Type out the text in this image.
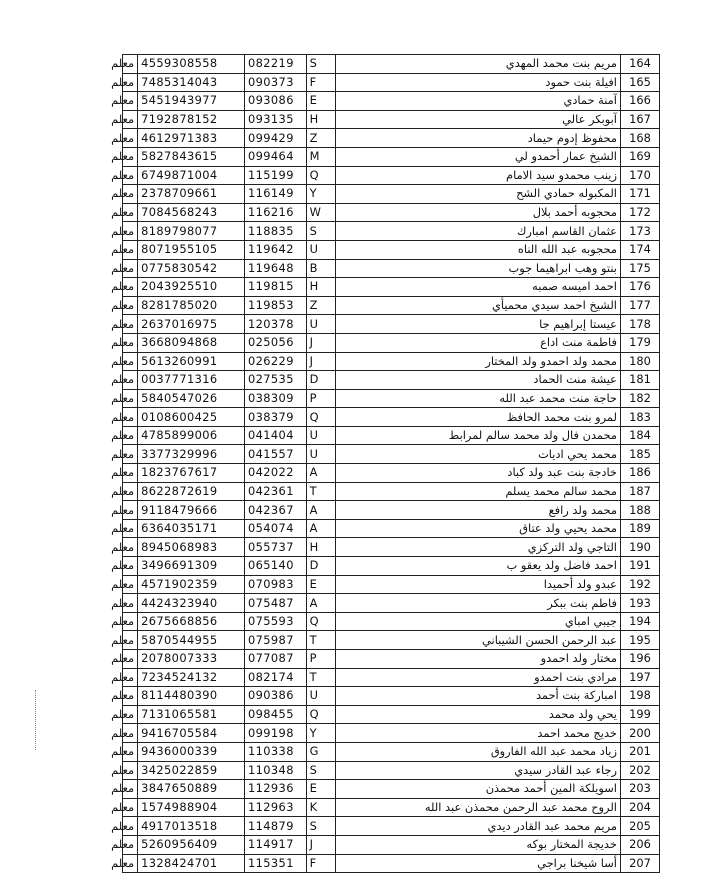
معلم	4559308558	082219	S	مريم بنت محمد المهدي	164
معلم	7485314043	090373	F	افيلة بنت حمود	165
معلم	5451943977	093086	E	آمنة حمادي	166
معلم	7192878152	093135	H	آبوبكر عالي	167
معلم	4612971383	099429	Z	محفوظ إدوم حيماد	168
معلم	5827843615	099464	M	الشيخ عمار أحمدو لي	169
معلم	6749871004	115199	Q	زينب محمدو سيد الامام	170
معلم	2378709661	116149	Y	المكبوله حمادي الشح	171
معلم	7084568243	116216	W	محجوبه أحمد بلال	172
معلم	8189798077	118835	S	عثمان القاسم امبارك	173
معلم	8071955105	119642	U	محجوبه عبد الله الناه	174
معلم	0775830542	119648	B	بنتو وهب ابراهيما جوب	175
معلم	2043925510	119815	H	احمد اميسه صمبه	176
معلم	8281785020	119853	Z	الشيخ احمد سيدي محميأي	177
معلم	2637016975	120378	U	عيستا إبراهيم جا	178
معلم	3668094868	025056	J	فاطمة منت اداع	179
معلم	5613260991	026229	J	محمد ولد احمدو ولد المختار	180
معلم	0037771316	027535	D	عيشة منت الحماد	181
معلم	5840547026	038309	P	حاجة منت محمد عبد الله	182
معلم	0108600425	038379	Q	لمرو بنت محمد الحافظ	183
معلم	4785899006	041404	U	محمدن فال ولد محمد سالم لمرابط	184
معلم	3377329996	041557	U	محمد يحي اديات	185
معلم	1823767617	042022	A	خادجة بنت عبد ولد كباد	186
معلم	8622872619	042361	T	محمد سالم محمد يسلم	187
معلم	9118479666	042367	A	محمد ولد رافع	188
معلم	6364035171	054074	A	محمد يحيي ولد عتاق	189
معلم	8945068983	055737	H	التاجي ولد التركزي	190
معلم	3496691309	065140	D	احمد فاضل ولد يعقو ب	191
معلم	4571902359	070983	E	عبدو ولد أحميدا	192
معلم	4424323940	075487	A	فاطم بنت ببكر	193
معلم	2675668856	075593	Q	جيبي امباي	194
معلم	5870544955	075987	T	عبد الرحمن الحسن الشيباني	195
معلم	2078007333	077087	P	مختار ولد احمدو	196
معلم	7234524132	082174	T	مرادي بنت احمدو	197
معلم	8114480390	090386	U	امباركة بنت أحمد	198
معلم	7131065581	098455	Q	يحي ولد محمد	199
معلم	9416705584	099198	Y	خديج محمد احمد	200
معلم	9436000339	110338	G	زياد محمد عبد الله الفاروق	201
معلم	3425022859	110348	S	رجاء عبد القادر سيدي	202
معلم	3847650889	112936	E	اسويلكة المين أحمد محمذن	203
معلم	1574988904	112963	K	الروح محمد عبد الرحمن محمذن عبد الله	204
معلم	4917013518	114879	S	مريم محمد عبد القادر ديدي	205
معلم	5260956409	114917	J	خديجة المختار بوكه	206
معلم	1328424701	115351	F	أسا شيخنا براجي	207
